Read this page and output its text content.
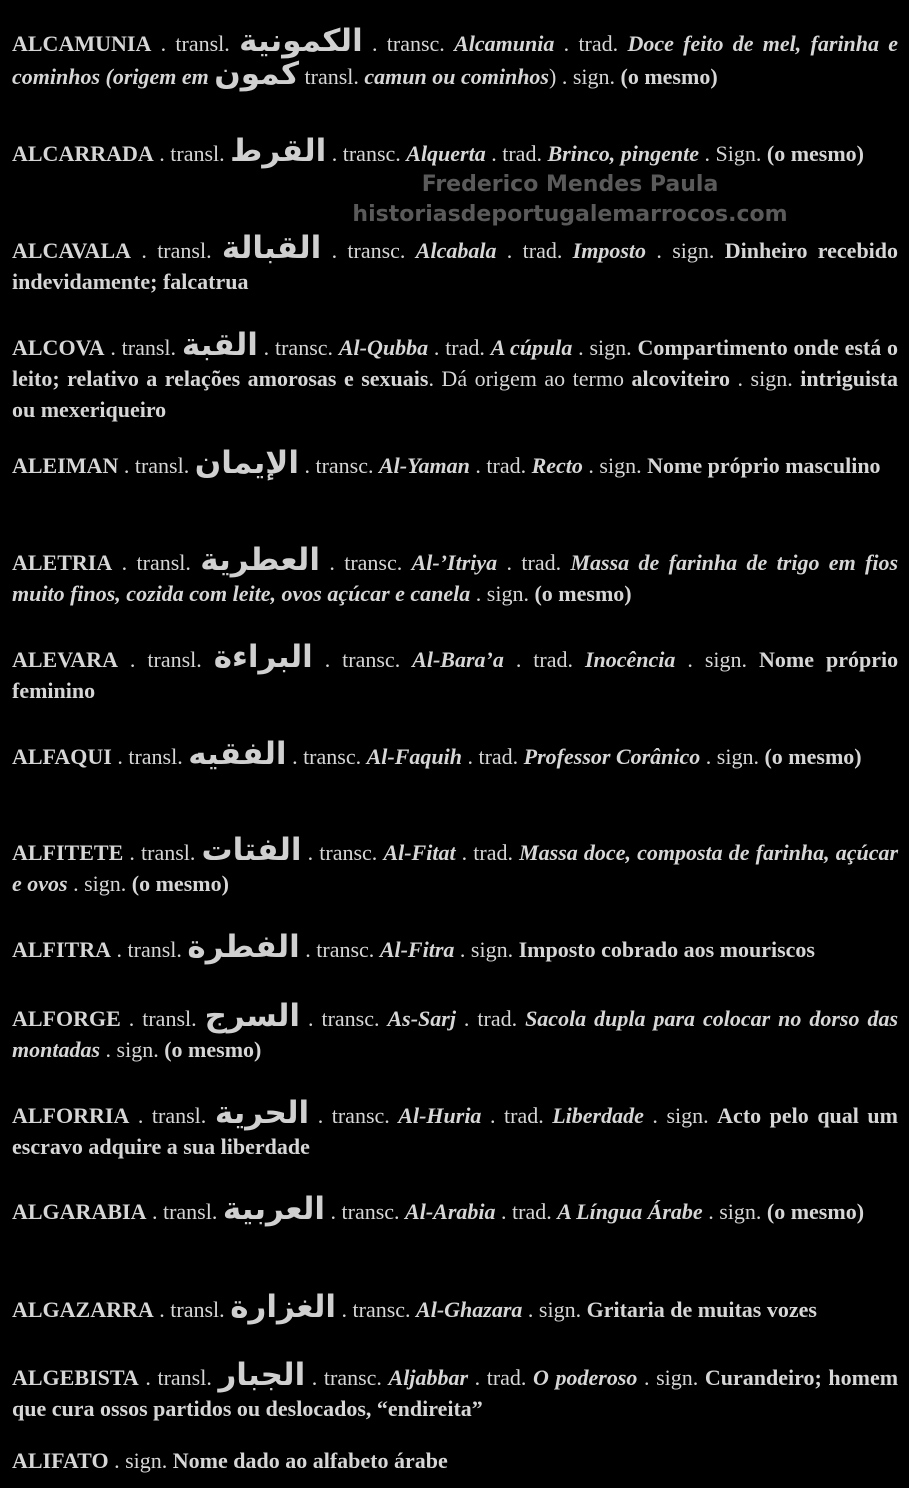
Frederico Mendes Paula
historiasdeportugalemarrocos.com
ALCAMUNIA . transl. الكمونية . transc. Alcamunia . trad. Doce feito de mel, farinha e cominhos (origem em كمون transl. camun ou cominhos) . sign. (o mesmo)
ALCARRADA . transl. القرط . transc. Alquerta . trad. Brinco, pingente . Sign. (o mesmo)
ALCAVALA . transl. القبالة . transc. Alcabala . trad. Imposto . sign. Dinheiro recebido indevidamente; falcatrua
ALCOVA . transl. القبة . transc. Al-Qubba . trad. A cúpula . sign. Compartimento onde está o leito; relativo a relações amorosas e sexuais. Dá origem ao termo alcoviteiro . sign. intriguista ou mexeriqueiro
ALEIMAN . transl. الإيمان . transc. Al-Yaman . trad. Recto . sign. Nome próprio masculino
ALETRIA . transl. العطرية . transc. Al-’Itriya . trad. Massa de farinha de trigo em fios muito finos, cozida com leite, ovos açúcar e canela . sign. (o mesmo)
ALEVARA . transl. البراءة . transc. Al-Bara’a . trad. Inocência . sign. Nome próprio feminino
ALFAQUI . transl. الفقيه . transc. Al-Faquih . trad. Professor Corânico . sign. (o mesmo)
ALFITETE . transl. الفتات . transc. Al-Fitat . trad. Massa doce, composta de farinha, açúcar e ovos . sign. (o mesmo)
ALFITRA . transl. الفطرة . transc. Al-Fitra . sign. Imposto cobrado aos mouriscos
ALFORGE . transl. السرج . transc. As-Sarj . trad. Sacola dupla para colocar no dorso das montadas . sign. (o mesmo)
ALFORRIA . transl. الحرية . transc. Al-Huria . trad. Liberdade . sign. Acto pelo qual um escravo adquire a sua liberdade
ALGARABIA . transl. العربية . transc. Al-Arabia . trad. A Língua Árabe . sign. (o mesmo)
ALGAZARRA . transl. الغزارة . transc. Al-Ghazara . sign. Gritaria de muitas vozes
ALGEBISTA . transl. الجبار . transc. Aljabbar . trad. O poderoso . sign. Curandeiro; homem que cura ossos partidos ou deslocados, “endireita”
ALIFATO . sign. Nome dado ao alfabeto árabe
